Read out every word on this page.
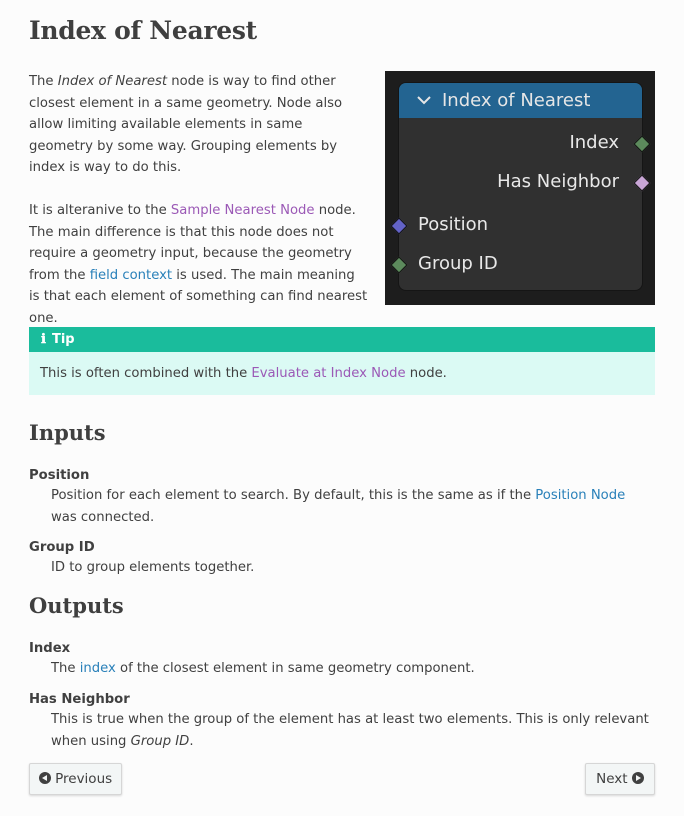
Index of Nearest

The Index of Nearest node is way to find other closest element in a same geometry. Node also allow limiting available elements in same geometry by some way. Grouping elements by index is way to do this.

It is alteranive to the Sample Nearest Node node. The main difference is that this node does not require a geometry input, because the geometry from the field context is used. The main meaning is that each element of something can find nearest one.

Index of Nearest
Index
Has Neighbor
Position
Group ID
ℹ Tip
This is often combined with the Evaluate at Index Node node.
Inputs
Position
Position for each element to search. By default, this is the same as if the Position Node was connected.
Group ID
ID to group elements together.
Outputs
Index
The index of the closest element in same geometry component.
Has Neighbor
This is true when the group of the element has at least two elements. This is only relevant when using Group ID.
Previous	Next
